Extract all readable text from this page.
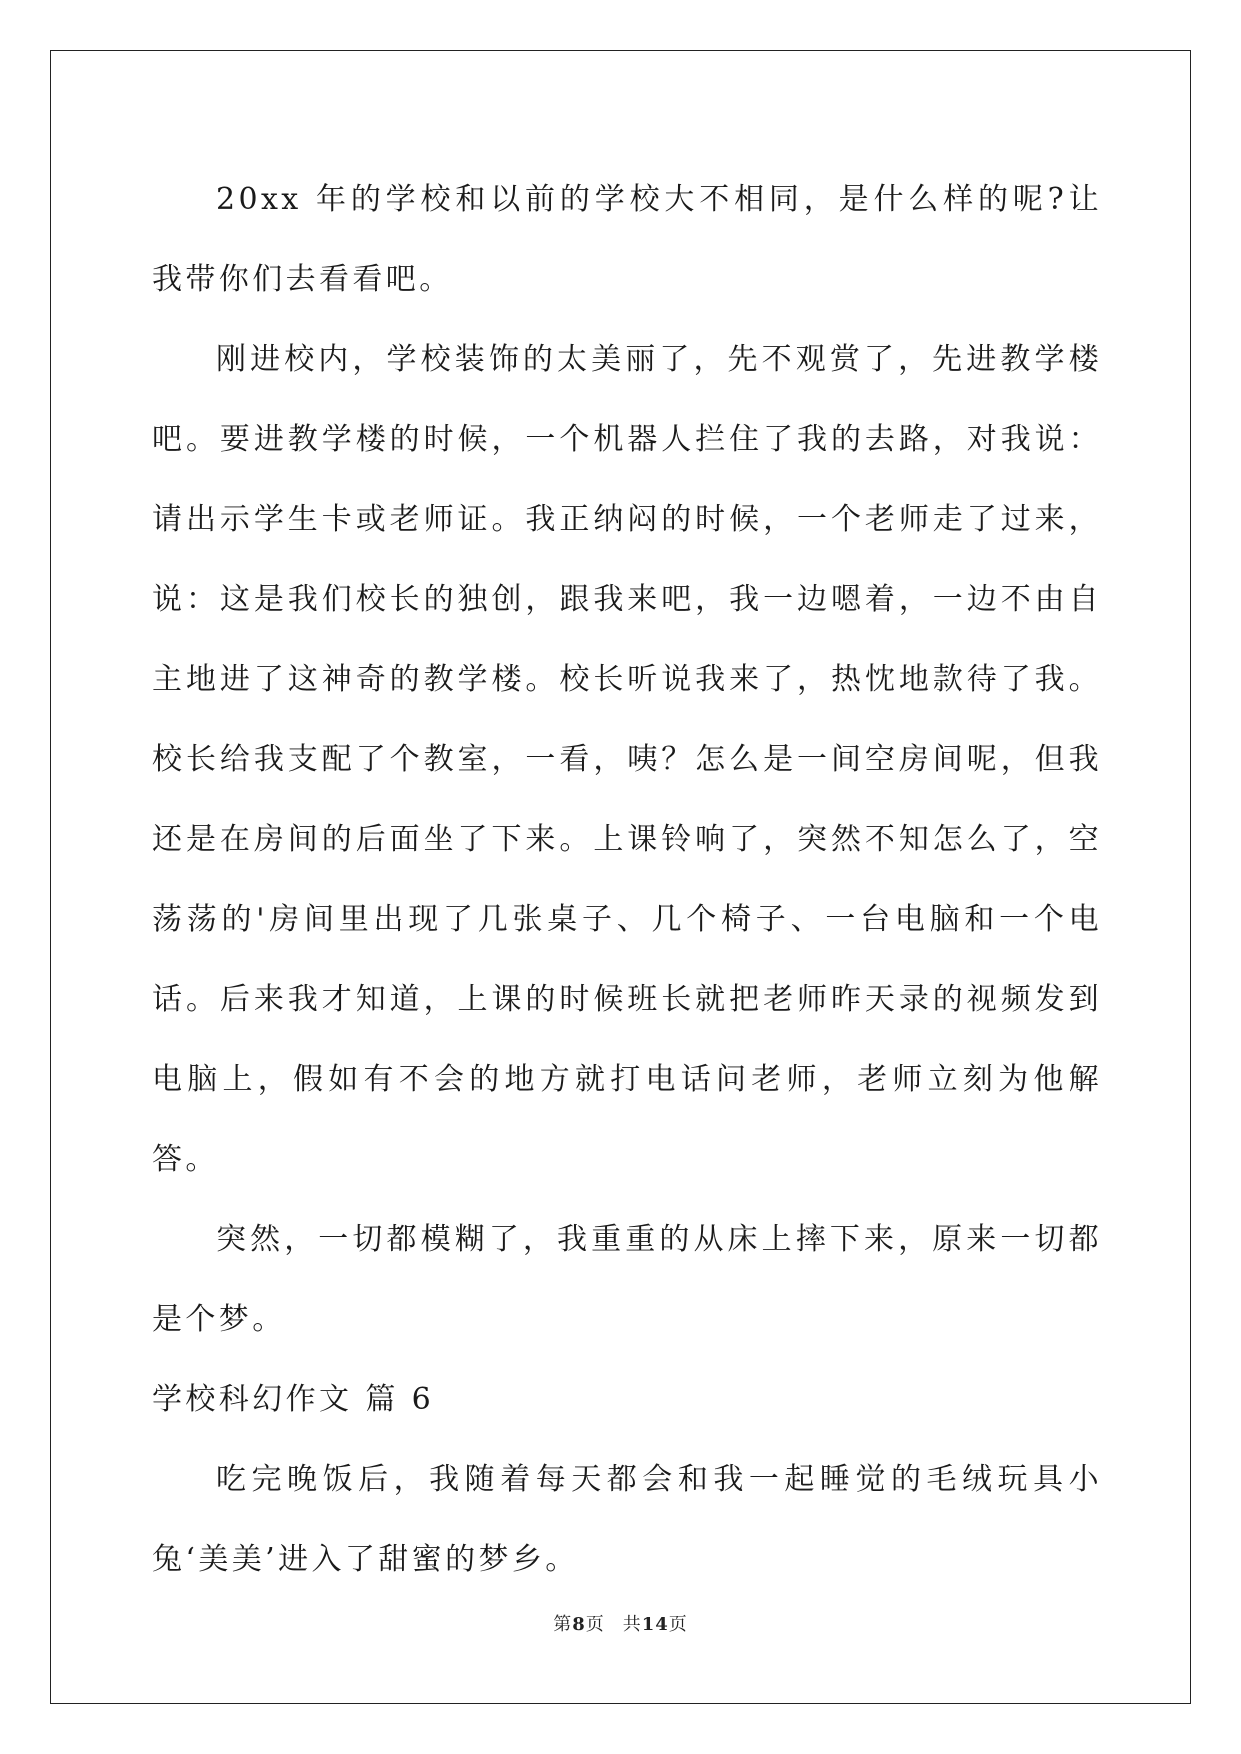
20xx 年的学校和以前的学校大不相同，是什么样的呢?让我带你们去看看吧。

刚进校内，学校装饰的太美丽了，先不观赏了，先进教学楼吧。要进教学楼的时候，一个机器人拦住了我的去路，对我说：请出示学生卡或老师证。我正纳闷的时候，一个老师走了过来，说：这是我们校长的独创，跟我来吧，我一边嗯着，一边不由自主地进了这神奇的教学楼。校长听说我来了，热忱地款待了我。校长给我支配了个教室，一看，咦？怎么是一间空房间呢，但我还是在房间的后面坐了下来。上课铃响了，突然不知怎么了，空荡荡的'房间里出现了几张桌子、几个椅子、一台电脑和一个电话。后来我才知道，上课的时候班长就把老师昨天录的视频发到电脑上，假如有不会的地方就打电话问老师，老师立刻为他解答。

突然，一切都模糊了，我重重的从床上摔下来，原来一切都是个梦。

学校科幻作文 篇 6

吃完晚饭后，我随着每天都会和我一起睡觉的毛绒玩具小兔‘美美’进入了甜蜜的梦乡。

第8页 共14页
